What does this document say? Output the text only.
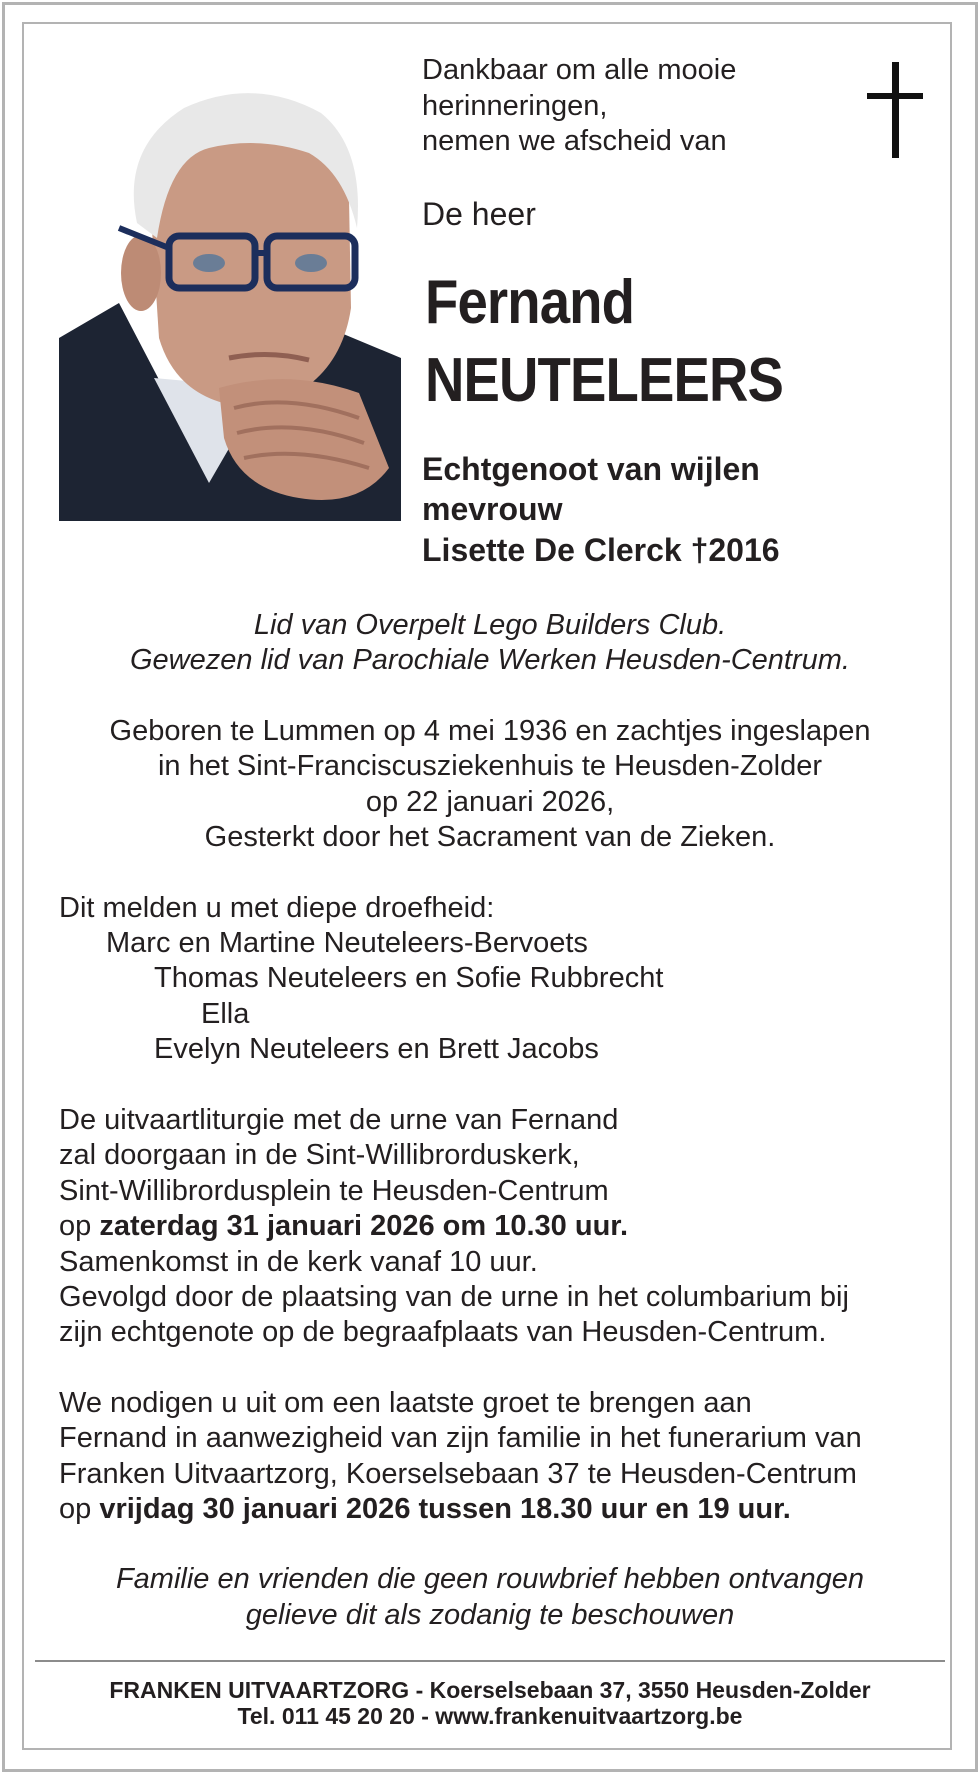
Dankbaar om alle mooie
herinneringen,
nemen we afscheid van
De heer
Fernand
NEUTELEERS
Echtgenoot van wijlen
mevrouw
Lisette De Clerck †2016
Lid van Overpelt Lego Builders Club.
Gewezen lid van Parochiale Werken Heusden-Centrum.
Geboren te Lummen op 4 mei 1936 en zachtjes ingeslapen
in het Sint-Franciscusziekenhuis te Heusden-Zolder
op 22 januari 2026,
Gesterkt door het Sacrament van de Zieken.
Dit melden u met diepe droefheid:
Marc en Martine Neuteleers-Bervoets
Thomas Neuteleers en Sofie Rubbrecht
Ella
Evelyn Neuteleers en Brett Jacobs
De uitvaartliturgie met de urne van Fernand
zal doorgaan in de Sint-Willibrorduskerk,
Sint-Willibrordusplein te Heusden-Centrum
op zaterdag 31 januari 2026 om 10.30 uur.
Samenkomst in de kerk vanaf 10 uur.
Gevolgd door de plaatsing van de urne in het columbarium bij
zijn echtgenote op de begraafplaats van Heusden-Centrum.
We nodigen u uit om een laatste groet te brengen aan
Fernand in aanwezigheid van zijn familie in het funerarium van
Franken Uitvaartzorg, Koerselsebaan 37 te Heusden-Centrum
op vrijdag 30 januari 2026 tussen 18.30 uur en 19 uur.
Familie en vrienden die geen rouwbrief hebben ontvangen
gelieve dit als zodanig te beschouwen
FRANKEN UITVAARTZORG - Koerselsebaan 37, 3550 Heusden-Zolder
Tel. 011 45 20 20 - www.frankenuitvaartzorg.be
